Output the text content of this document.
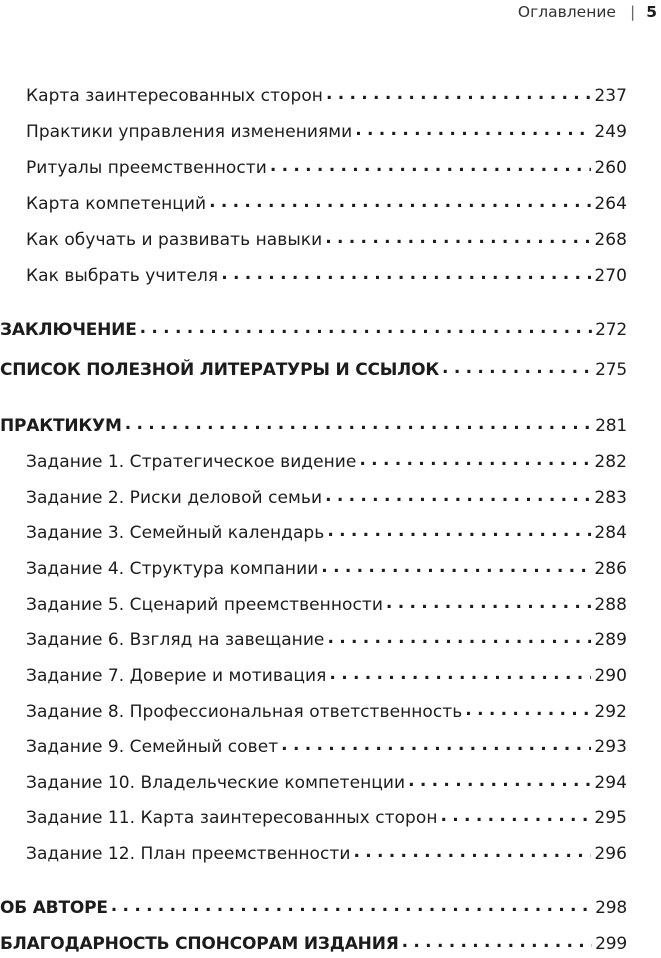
Оглавление | 5
Карта заинтересованных сторон . . .	237
Практики управления изменениями . . .	249
Ритуалы преемственности . . .	260
Карта компетенций . . .	264
Как обучать и развивать навыки . . .	268
Как выбрать учителя . . .	270
ЗАКЛЮЧЕНИЕ . . .	272
СПИСОК ПОЛЕЗНОЙ ЛИТЕРАТУРЫ И ССЫЛОК . . .	275
ПРАКТИКУМ . . .	281
Задание 1. Стратегическое видение . . .	282
Задание 2. Риски деловой семьи . . .	283
Задание 3. Семейный календарь . . .	284
Задание 4. Структура компании . . .	286
Задание 5. Сценарий преемственности . . .	288
Задание 6. Взгляд на завещание . . .	289
Задание 7. Доверие и мотивация . . .	290
Задание 8. Профессиональная ответственность . . .	292
Задание 9. Семейный совет . . .	293
Задание 10. Владельческие компетенции . . .	294
Задание 11. Карта заинтересованных сторон . . .	295
Задание 12. План преемственности . . .	296
ОБ АВТОРЕ . . .	298
БЛАГОДАРНОСТЬ СПОНСОРАМ ИЗДАНИЯ . . .	299
